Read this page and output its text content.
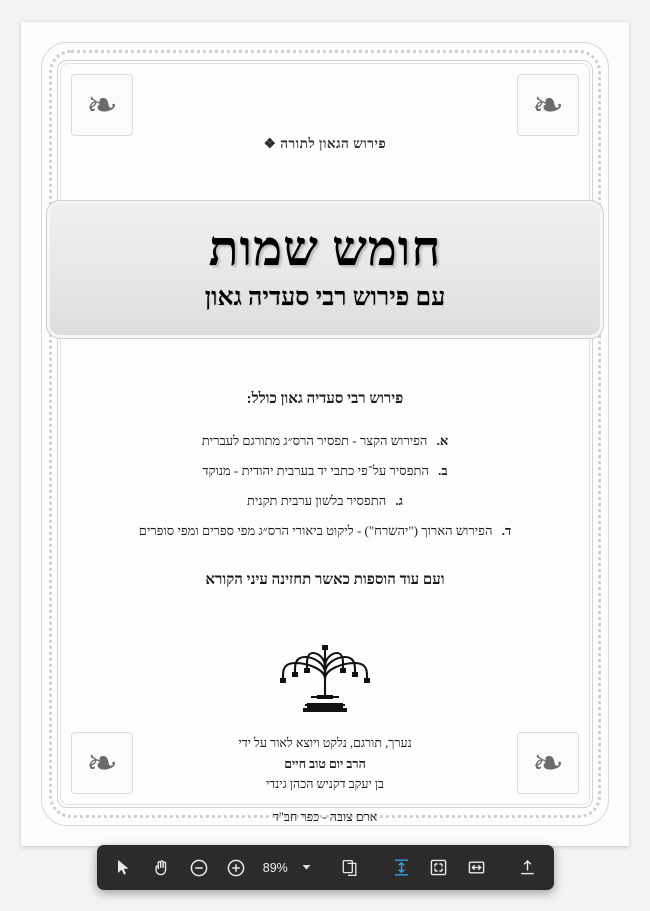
❧	❧
❧	❧
פירוש הגאון לתורה ❖
חומש שמות
עם פירוש רבי סעדיה גאון
פירוש רבי סעדיה גאון כולל:
א. הפירוש הקצר - תפסיר הרס״ג מתורגם לעברית
ב. התפסיר על־פי כתבי יד בערבית יהודית - מנוקד
ג. התפסיר בלשון ערבית תקנית
ד. הפירוש הארוך ("יהשרח") - ליקוט ביאורי הרס״ג מפי ספרים ומפי סופרים
ועם עוד הוספות כאשר תחזינה עיני הקורא
נערך, תורגם, נלקט ויוצא לאור על ידי
הרב יום טוב חיים
בן יעקב דקניש הכהן גינדי
ארם צובה - כפר חב"ד
89%
